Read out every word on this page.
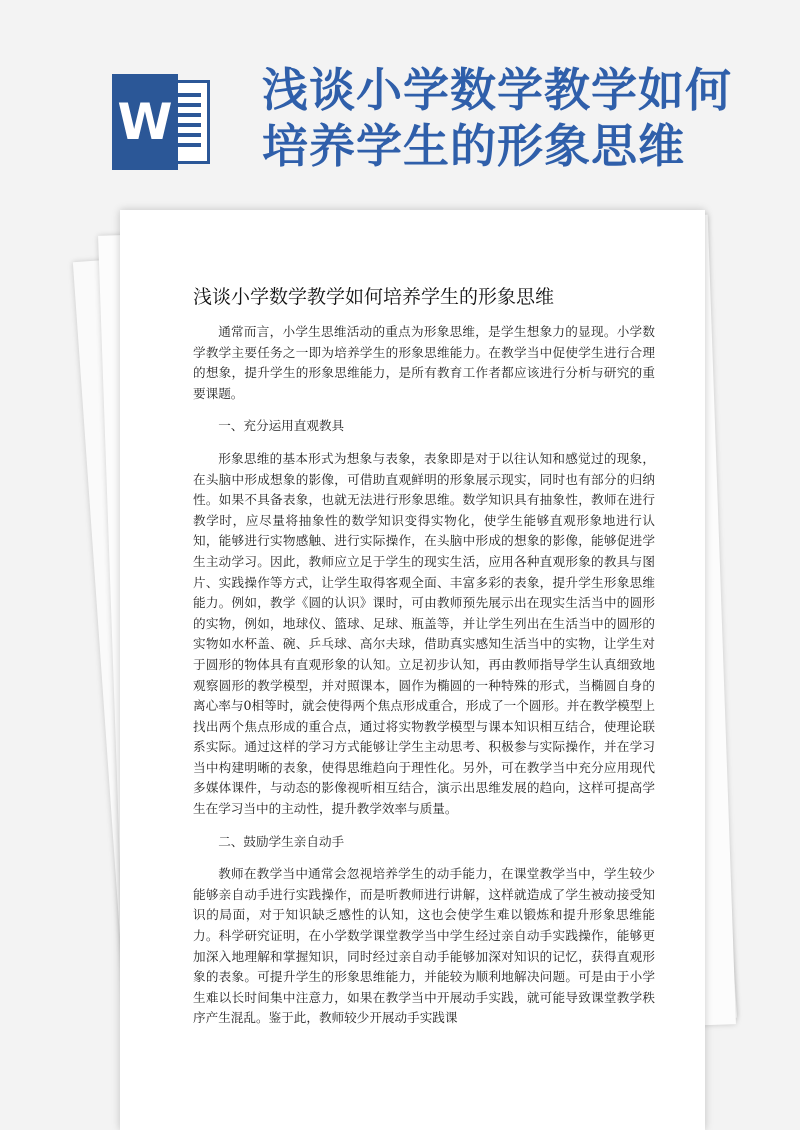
W
浅谈小学数学教学如何
培养学生的形象思维
浅谈小学数学教学如何培养学生的形象思维

通常而言，小学生思维活动的重点为形象思维，是学生想象力的显现。小学数学教学主要任务之一即为培养学生的形象思维能力。在教学当中促使学生进行合理的想象，提升学生的形象思维能力，是所有教育工作者都应该进行分析与研究的重要课题。

一、充分运用直观教具

形象思维的基本形式为想象与表象，表象即是对于以往认知和感觉过的现象，在头脑中形成想象的影像，可借助直观鲜明的形象展示现实，同时也有部分的归纳性。如果不具备表象，也就无法进行形象思维。数学知识具有抽象性，教师在进行教学时，应尽量将抽象性的数学知识变得实物化，使学生能够直观形象地进行认知，能够进行实物感触、进行实际操作，在头脑中形成的想象的影像，能够促进学生主动学习。因此，教师应立足于学生的现实生活，应用各种直观形象的教具与图片、实践操作等方式，让学生取得客观全面、丰富多彩的表象，提升学生形象思维能力。例如，教学《圆的认识》课时，可由教师预先展示出在现实生活当中的圆形的实物，例如，地球仪、篮球、足球、瓶盖等，并让学生列出在生活当中的圆形的实物如水杯盖、碗、乒乓球、高尔夫球，借助真实感知生活当中的实物，让学生对于圆形的物体具有直观形象的认知。立足初步认知，再由教师指导学生认真细致地观察圆形的教学模型，并对照课本，圆作为椭圆的一种特殊的形式，当椭圆自身的离心率与0相等时，就会使得两个焦点形成重合，形成了一个圆形。并在教学模型上找出两个焦点形成的重合点，通过将实物教学模型与课本知识相互结合，使理论联系实际。通过这样的学习方式能够让学生主动思考、积极参与实际操作，并在学习当中构建明晰的表象，使得思维趋向于理性化。另外，可在教学当中充分应用现代多媒体课件，与动态的影像视听相互结合，演示出思维发展的趋向，这样可提高学生在学习当中的主动性，提升教学效率与质量。

二、鼓励学生亲自动手

教师在教学当中通常会忽视培养学生的动手能力，在课堂教学当中，学生较少能够亲自动手进行实践操作，而是听教师进行讲解，这样就造成了学生被动接受知识的局面，对于知识缺乏感性的认知，这也会使学生难以锻炼和提升形象思维能力。科学研究证明，在小学数学课堂教学当中学生经过亲自动手实践操作，能够更加深入地理解和掌握知识，同时经过亲自动手能够加深对知识的记忆，获得直观形象的表象。可提升学生的形象思维能力，并能较为顺利地解决问题。可是由于小学生难以长时间集中注意力，如果在教学当中开展动手实践，就可能导致课堂教学秩序产生混乱。鉴于此，教师较少开展动手实践课
